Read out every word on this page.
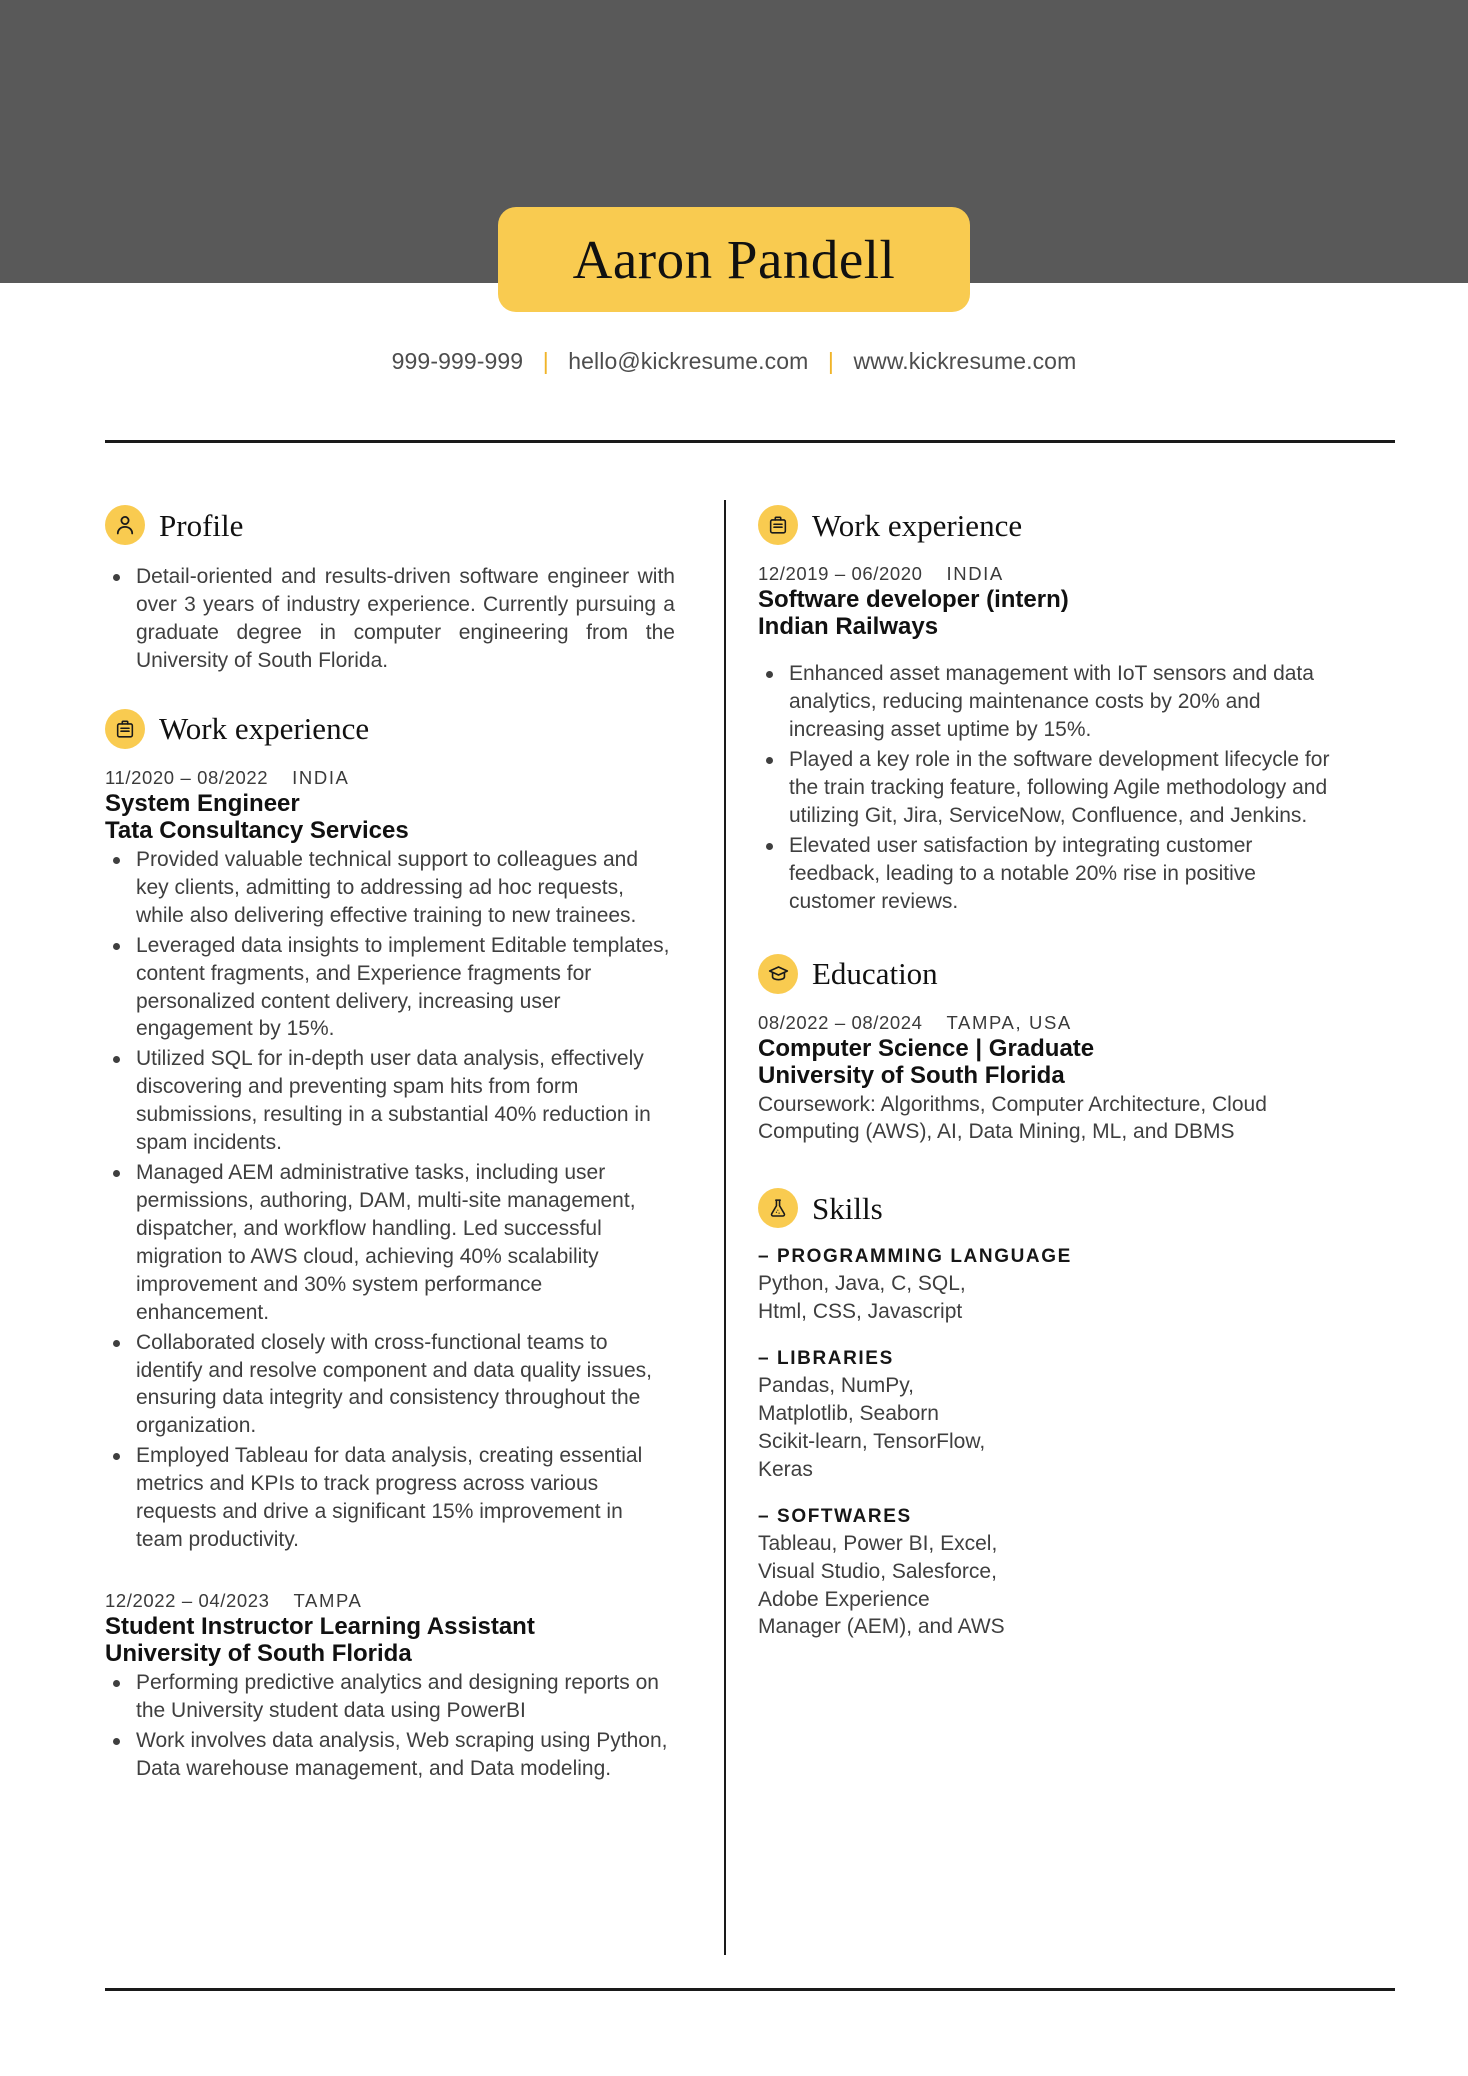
Aaron Pandell
999-999-999 | hello@kickresume.com | www.kickresume.com
Profile
Detail-oriented and results-driven software engineer with over 3 years of industry experience. Currently pursuing a graduate degree in computer engineering from the University of South Florida.
Work experience
11/2020 – 08/2022 INDIA
System Engineer
Tata Consultancy Services
Provided valuable technical support to colleagues and key clients, admitting to addressing ad hoc requests, while also delivering effective training to new trainees.
Leveraged data insights to implement Editable templates, content fragments, and Experience fragments for personalized content delivery, increasing user engagement by 15%.
Utilized SQL for in-depth user data analysis, effectively discovering and preventing spam hits from form submissions, resulting in a substantial 40% reduction in spam incidents.
Managed AEM administrative tasks, including user permissions, authoring, DAM, multi-site management, dispatcher, and workflow handling. Led successful migration to AWS cloud, achieving 40% scalability improvement and 30% system performance enhancement.
Collaborated closely with cross-functional teams to identify and resolve component and data quality issues, ensuring data integrity and consistency throughout the organization.
Employed Tableau for data analysis, creating essential metrics and KPIs to track progress across various requests and drive a significant 15% improvement in team productivity.
12/2022 – 04/2023 TAMPA
Student Instructor Learning Assistant
University of South Florida
Performing predictive analytics and designing reports on the University student data using PowerBI
Work involves data analysis, Web scraping using Python, Data warehouse management, and Data modeling.
Work experience
12/2019 – 06/2020 INDIA
Software developer (intern)
Indian Railways
Enhanced asset management with IoT sensors and data analytics, reducing maintenance costs by 20% and increasing asset uptime by 15%.
Played a key role in the software development lifecycle for the train tracking feature, following Agile methodology and utilizing Git, Jira, ServiceNow, Confluence, and Jenkins.
Elevated user satisfaction by integrating customer feedback, leading to a notable 20% rise in positive customer reviews.
Education
08/2022 – 08/2024 TAMPA, USA
Computer Science | Graduate
University of South Florida
Coursework: Algorithms, Computer Architecture, Cloud Computing (AWS), AI, Data Mining, ML, and DBMS
Skills
– PROGRAMMING LANGUAGE
Python, Java, C, SQL,
Html, CSS, Javascript
– LIBRARIES
Pandas, NumPy,
Matplotlib, Seaborn
Scikit-learn, TensorFlow,
Keras
– SOFTWARES
Tableau, Power BI, Excel,
Visual Studio, Salesforce,
Adobe Experience
Manager (AEM), and AWS
